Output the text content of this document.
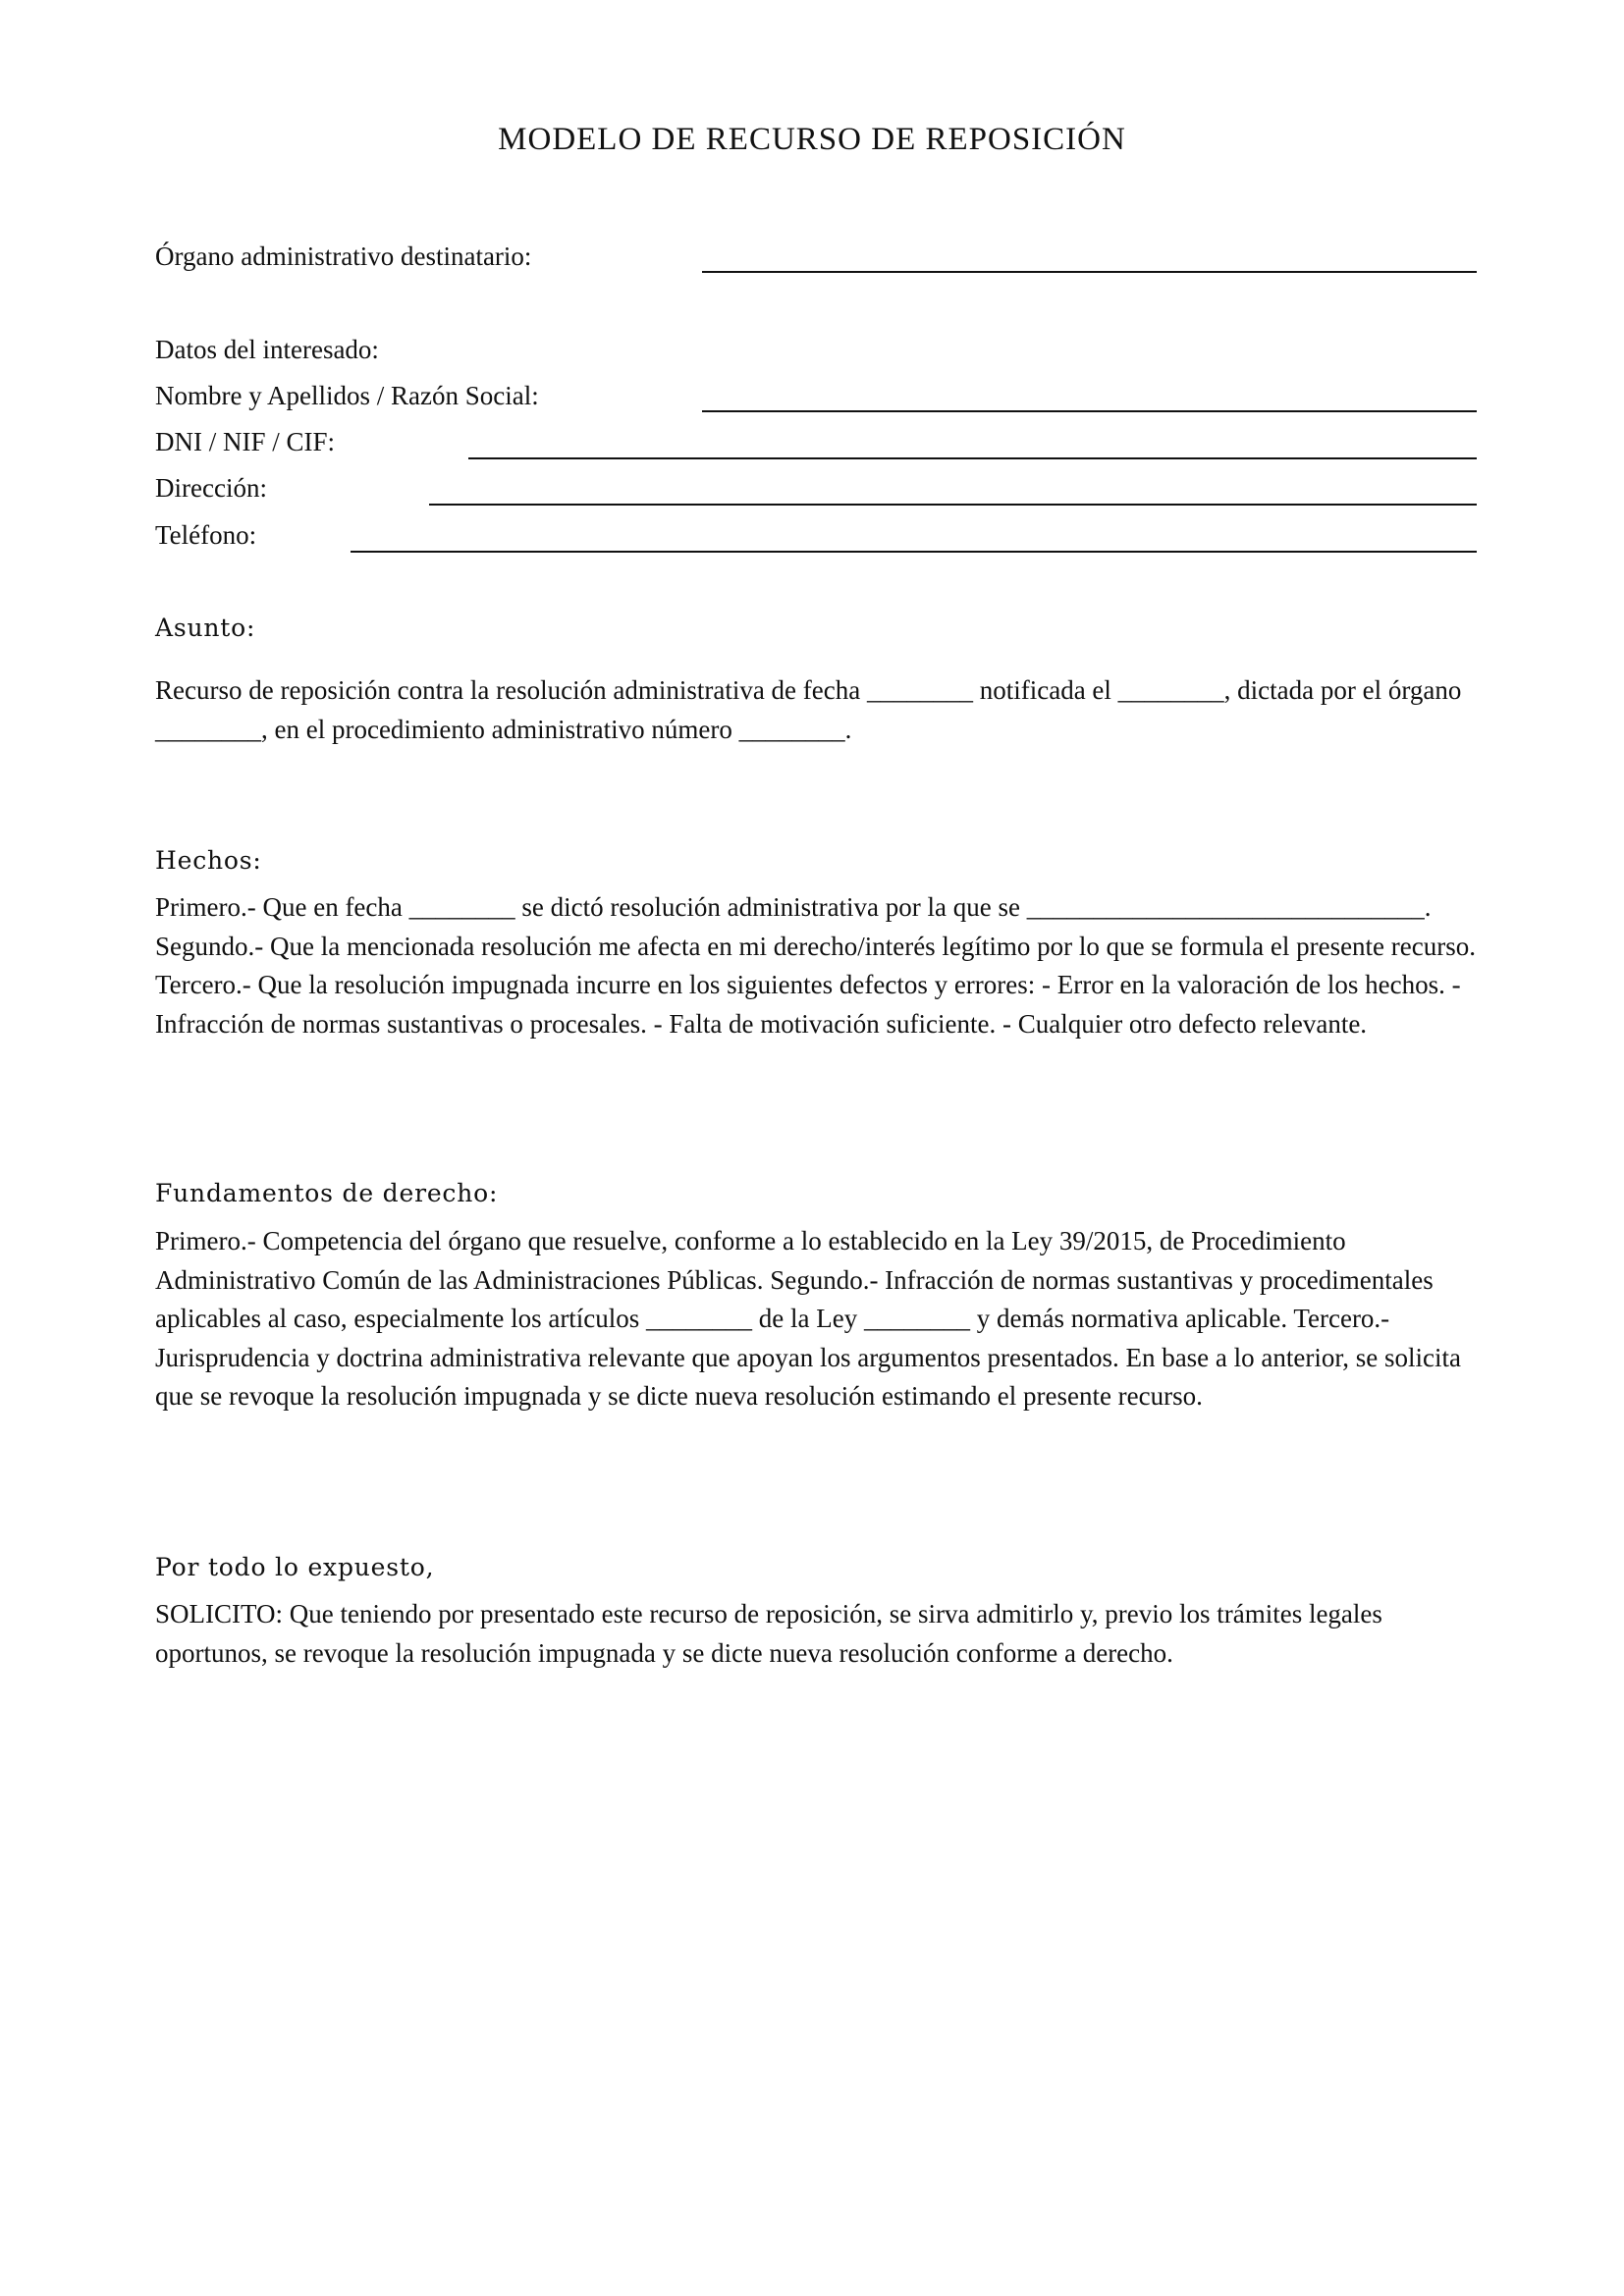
MODELO DE RECURSO DE REPOSICIÓN
Órgano administrativo destinatario:
Datos del interesado:
Nombre y Apellidos / Razón Social:
DNI / NIF / CIF:
Dirección:
Teléfono:
Asunto:

Recurso de reposición contra la resolución administrativa de fecha ________ notificada el ________, dictada por el órgano ________, en el procedimiento administrativo número ________.

Hechos:

Primero.- Que en fecha ________ se dictó resolución administrativa por la que se ______________________________. Segundo.- Que la mencionada resolución me afecta en mi derecho/interés legítimo por lo que se formula el presente recurso. Tercero.- Que la resolución impugnada incurre en los siguientes defectos y errores: - Error en la valoración de los hechos. - Infracción de normas sustantivas o procesales. - Falta de motivación suficiente. - Cualquier otro defecto relevante.

Fundamentos de derecho:

Primero.- Competencia del órgano que resuelve, conforme a lo establecido en la Ley 39/2015, de Procedimiento Administrativo Común de las Administraciones Públicas. Segundo.- Infracción de normas sustantivas y procedimentales aplicables al caso, especialmente los artículos ________ de la Ley ________ y demás normativa aplicable. Tercero.- Jurisprudencia y doctrina administrativa relevante que apoyan los argumentos presentados. En base a lo anterior, se solicita que se revoque la resolución impugnada y se dicte nueva resolución estimando el presente recurso.

Por todo lo expuesto,

SOLICITO: Que teniendo por presentado este recurso de reposición, se sirva admitirlo y, previo los trámites legales oportunos, se revoque la resolución impugnada y se dicte nueva resolución conforme a derecho.
